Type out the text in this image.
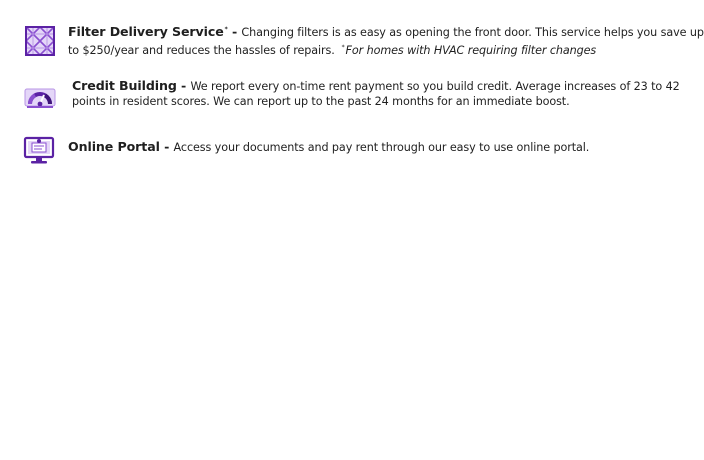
Filter Delivery Service* - Changing filters is as easy as opening the front door. This service helps you save up
to $250/year and reduces the hassles of repairs. *For homes with HVAC requiring filter changes
Credit Building - We report every on-time rent payment so you build credit. Average increases of 23 to 42
points in resident scores. We can report up to the past 24 months for an immediate boost.
Online Portal - Access your documents and pay rent through our easy to use online portal.
